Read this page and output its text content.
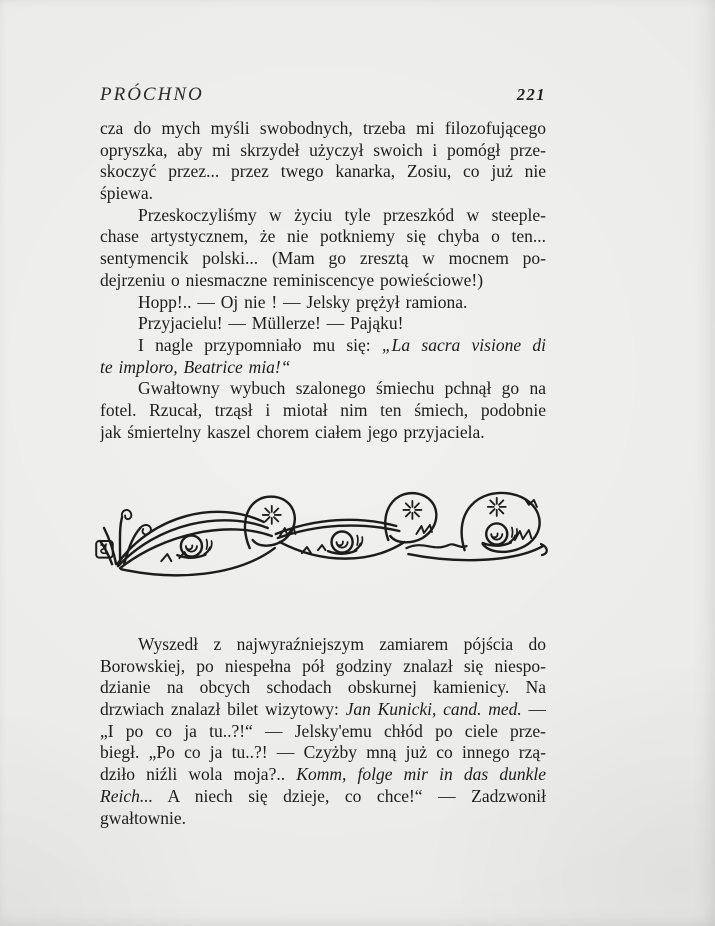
PRÓCHNO	221
cza do mych myśli swobodnych, trzeba mi filozofującego
opryszka, aby mi skrzydeł użyczył swoich i pomógł prze-
skoczyć przez... przez twego kanarka, Zosiu, co już nie
śpiewa.
Przeskoczyliśmy w życiu tyle przeszkód w steeple-
chase artystycznem, że nie potkniemy się chyba o ten...
sentymencik polski... (Mam go zresztą w mocnem po-
dejrzeniu o niesmaczne reminiscencye powieściowe!)
Hopp!.. — Oj nie ! — Jelsky prężył ramiona.
Przyjacielu! — Müllerze! — Pająku!
I nagle przypomniało mu się: „La sacra visione di
te imploro, Beatrice mia!“
Gwałtowny wybuch szalonego śmiechu pchnął go na
fotel. Rzucał, trząsł i miotał nim ten śmiech, podobnie
jak śmiertelny kaszel chorem ciałem jego przyjaciela.
Wyszedł z najwyraźniejszym zamiarem pójścia do
Borowskiej, po niespełna pół godziny znalazł się niespo-
dzianie na obcych schodach obskurnej kamienicy. Na
drzwiach znalazł bilet wizytowy: Jan Kunicki, cand. med. —
„I po co ja tu..?!“ — Jelsky'emu chłód po ciele prze-
biegł. „Po co ja tu..?! — Czyżby mną już co innego rzą-
dziło niźli wola moja?.. Komm, folge mir in das dunkle
Reich... A niech się dzieje, co chce!“ — Zadzwonił
gwałtownie.
